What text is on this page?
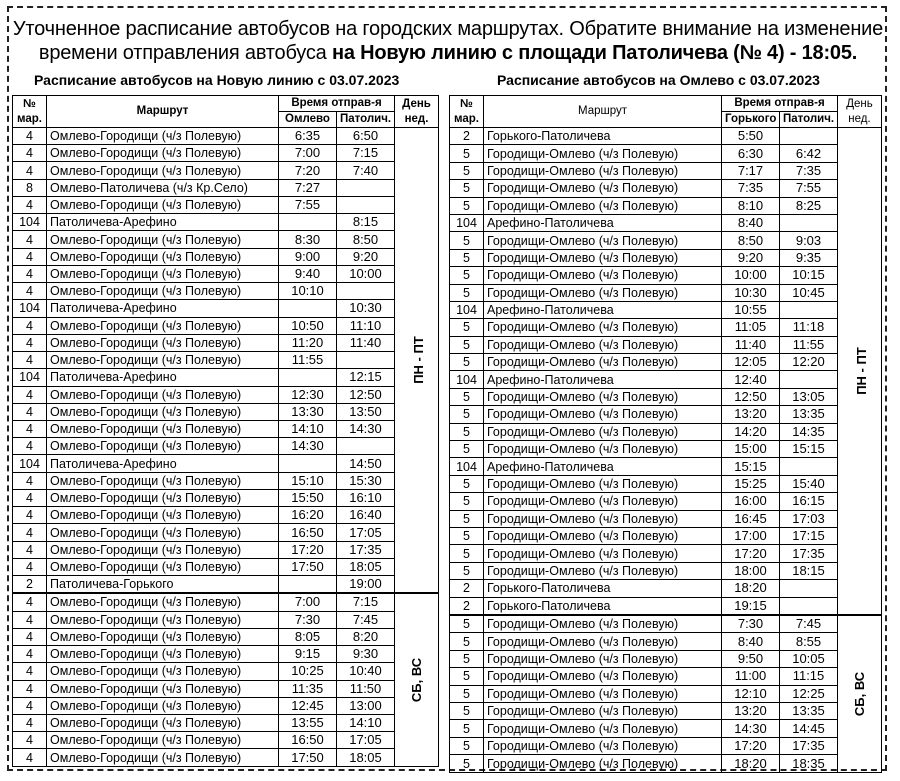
Уточненное расписание автобусов на городских маршрутах. Обратите внимание на изменение
времени отправления автобуса на Новую линию с площади Патоличева (№ 4) - 18:05.
Расписание автобусов на Новую линию с 03.07.2023	Расписание автобусов на Омлево с 03.07.2023
№
мар.	Маршрут	Время отправ-я		День
нед.
		Омлево	Патолич.	
4	Омлево-Городищи (ч/з Полевую)	6:35	6:50	ПН - ПТ
4	Омлево-Городищи (ч/з Полевую)	7:00	7:15	
4	Омлево-Городищи (ч/з Полевую)	7:20	7:40	
8	Омлево-Патоличева (ч/з Кр.Село)	7:27		
4	Омлево-Городищи (ч/з Полевую)	7:55		
104	Патоличева-Арефино		8:15	
4	Омлево-Городищи (ч/з Полевую)	8:30	8:50	
4	Омлево-Городищи (ч/з Полевую)	9:00	9:20	
4	Омлево-Городищи (ч/з Полевую)	9:40	10:00	
4	Омлево-Городищи (ч/з Полевую)	10:10		
104	Патоличева-Арефино		10:30	
4	Омлево-Городищи (ч/з Полевую)	10:50	11:10	
4	Омлево-Городищи (ч/з Полевую)	11:20	11:40	
4	Омлево-Городищи (ч/з Полевую)	11:55		
104	Патоличева-Арефино		12:15	
4	Омлево-Городищи (ч/з Полевую)	12:30	12:50	
4	Омлево-Городищи (ч/з Полевую)	13:30	13:50	
4	Омлево-Городищи (ч/з Полевую)	14:10	14:30	
4	Омлево-Городищи (ч/з Полевую)	14:30		
104	Патоличева-Арефино		14:50	
4	Омлево-Городищи (ч/з Полевую)	15:10	15:30	
4	Омлево-Городищи (ч/з Полевую)	15:50	16:10	
4	Омлево-Городищи (ч/з Полевую)	16:20	16:40	
4	Омлево-Городищи (ч/з Полевую)	16:50	17:05	
4	Омлево-Городищи (ч/з Полевую)	17:20	17:35	
4	Омлево-Городищи (ч/з Полевую)	17:50	18:05	
2	Патоличева-Горького		19:00	
4	Омлево-Городищи (ч/з Полевую)	7:00	7:15	СБ, ВС
4	Омлево-Городищи (ч/з Полевую)	7:30	7:45	
4	Омлево-Городищи (ч/з Полевую)	8:05	8:20	
4	Омлево-Городищи (ч/з Полевую)	9:15	9:30	
4	Омлево-Городищи (ч/з Полевую)	10:25	10:40	
4	Омлево-Городищи (ч/з Полевую)	11:35	11:50	
4	Омлево-Городищи (ч/з Полевую)	12:45	13:00	
4	Омлево-Городищи (ч/з Полевую)	13:55	14:10	
4	Омлево-Городищи (ч/з Полевую)	16:50	17:05	
4	Омлево-Городищи (ч/з Полевую)	17:50	18:05	
№
мар.	Маршрут	Время отправ-я		День
нед.
		Горького	Патолич.	
2	Горького-Патоличева	5:50		ПН - ПТ
5	Городищи-Омлево (ч/з Полевую)	6:30	6:42	
5	Городищи-Омлево (ч/з Полевую)	7:17	7:35	
5	Городищи-Омлево (ч/з Полевую)	7:35	7:55	
5	Городищи-Омлево (ч/з Полевую)	8:10	8:25	
104	Арефино-Патоличева	8:40		
5	Городищи-Омлево (ч/з Полевую)	8:50	9:03	
5	Городищи-Омлево (ч/з Полевую)	9:20	9:35	
5	Городищи-Омлево (ч/з Полевую)	10:00	10:15	
5	Городищи-Омлево (ч/з Полевую)	10:30	10:45	
104	Арефино-Патоличева	10:55		
5	Городищи-Омлево (ч/з Полевую)	11:05	11:18	
5	Городищи-Омлево (ч/з Полевую)	11:40	11:55	
5	Городищи-Омлево (ч/з Полевую)	12:05	12:20	
104	Арефино-Патоличева	12:40		
5	Городищи-Омлево (ч/з Полевую)	12:50	13:05	
5	Городищи-Омлево (ч/з Полевую)	13:20	13:35	
5	Городищи-Омлево (ч/з Полевую)	14:20	14:35	
5	Городищи-Омлево (ч/з Полевую)	15:00	15:15	
104	Арефино-Патоличева	15:15		
5	Городищи-Омлево (ч/з Полевую)	15:25	15:40	
5	Городищи-Омлево (ч/з Полевую)	16:00	16:15	
5	Городищи-Омлево (ч/з Полевую)	16:45	17:03	
5	Городищи-Омлево (ч/з Полевую)	17:00	17:15	
5	Городищи-Омлево (ч/з Полевую)	17:20	17:35	
5	Городищи-Омлево (ч/з Полевую)	18:00	18:15	
2	Горького-Патоличева	18:20		
2	Горького-Патоличева	19:15		
5	Городищи-Омлево (ч/з Полевую)	7:30	7:45	СБ, ВС
5	Городищи-Омлево (ч/з Полевую)	8:40	8:55	
5	Городищи-Омлево (ч/з Полевую)	9:50	10:05	
5	Городищи-Омлево (ч/з Полевую)	11:00	11:15	
5	Городищи-Омлево (ч/з Полевую)	12:10	12:25	
5	Городищи-Омлево (ч/з Полевую)	13:20	13:35	
5	Городищи-Омлево (ч/з Полевую)	14:30	14:45	
5	Городищи-Омлево (ч/з Полевую)	17:20	17:35	
5	Городищи-Омлево (ч/з Полевую)	18:20	18:35	
